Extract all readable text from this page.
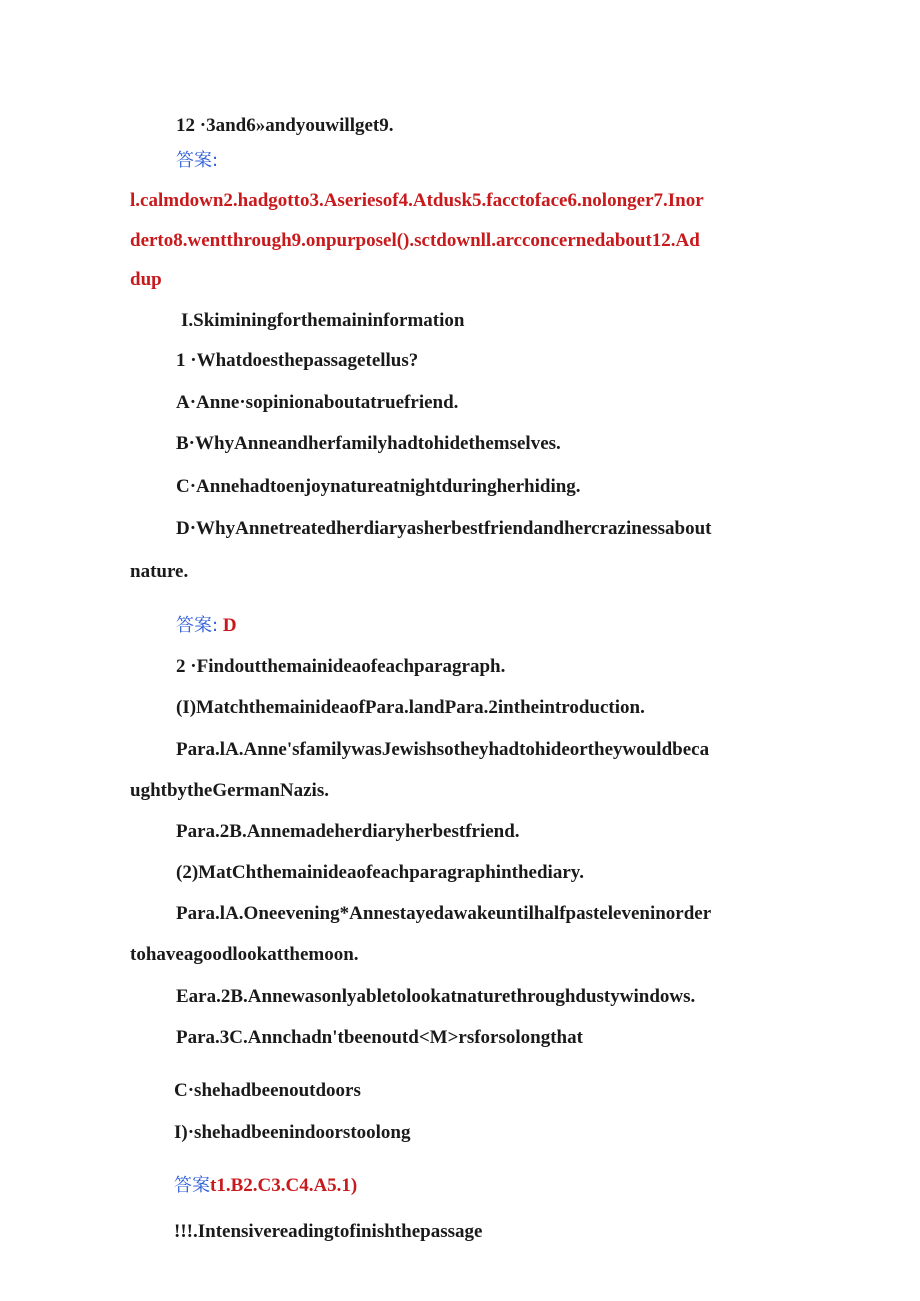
12 ·3and6»andyouwillget9.

答案:

l.calmdown2.hadgotto3.Aseriesof4.Atdusk5.facctoface6.nolonger7.Inor

derto8.wentthrough9.onpurposel().sctdownll.arcconcernedabout12.Ad

dup

I.Skiminingforthemaininformation

1 ·Whatdoesthepassagetellus?

A·Anne·sopinionaboutatruefriend.

B·WhyAnneandherfamilyhadtohidethemselves.

C·Annehadtoenjoynatureatnightduringherhiding.

D·WhyAnnetreatedherdiaryasherbestfriendandhercrazinessabout

nature.

答案: D

2 ·Findoutthemainideaofeachparagraph.

(I)MatchthemainideaofPara.landPara.2intheintroduction.

Para.lA.Anne'sfamilywasJewishsotheyhadtohideortheywouldbeca

ughtbytheGermanNazis.

Para.2B.Annemadeherdiaryherbestfriend.

(2)MatChthemainideaofeachparagraphinthediary.

Para.lA.Oneevening*Annestayedawakeuntilhalfpasteleveninorder

tohaveagoodlookatthemoon.

Eara.2B.Annewasonlyabletolookatnaturethroughdustywindows.

Para.3C.Annchadn'tbeenoutd<M>rsforsolongthat

C·shehadbeenoutdoors

I)·shehadbeenindoorstoolong

答案t1.B2.C3.C4.A5.1)

!!!.Intensivereadingtofinishthepassage
